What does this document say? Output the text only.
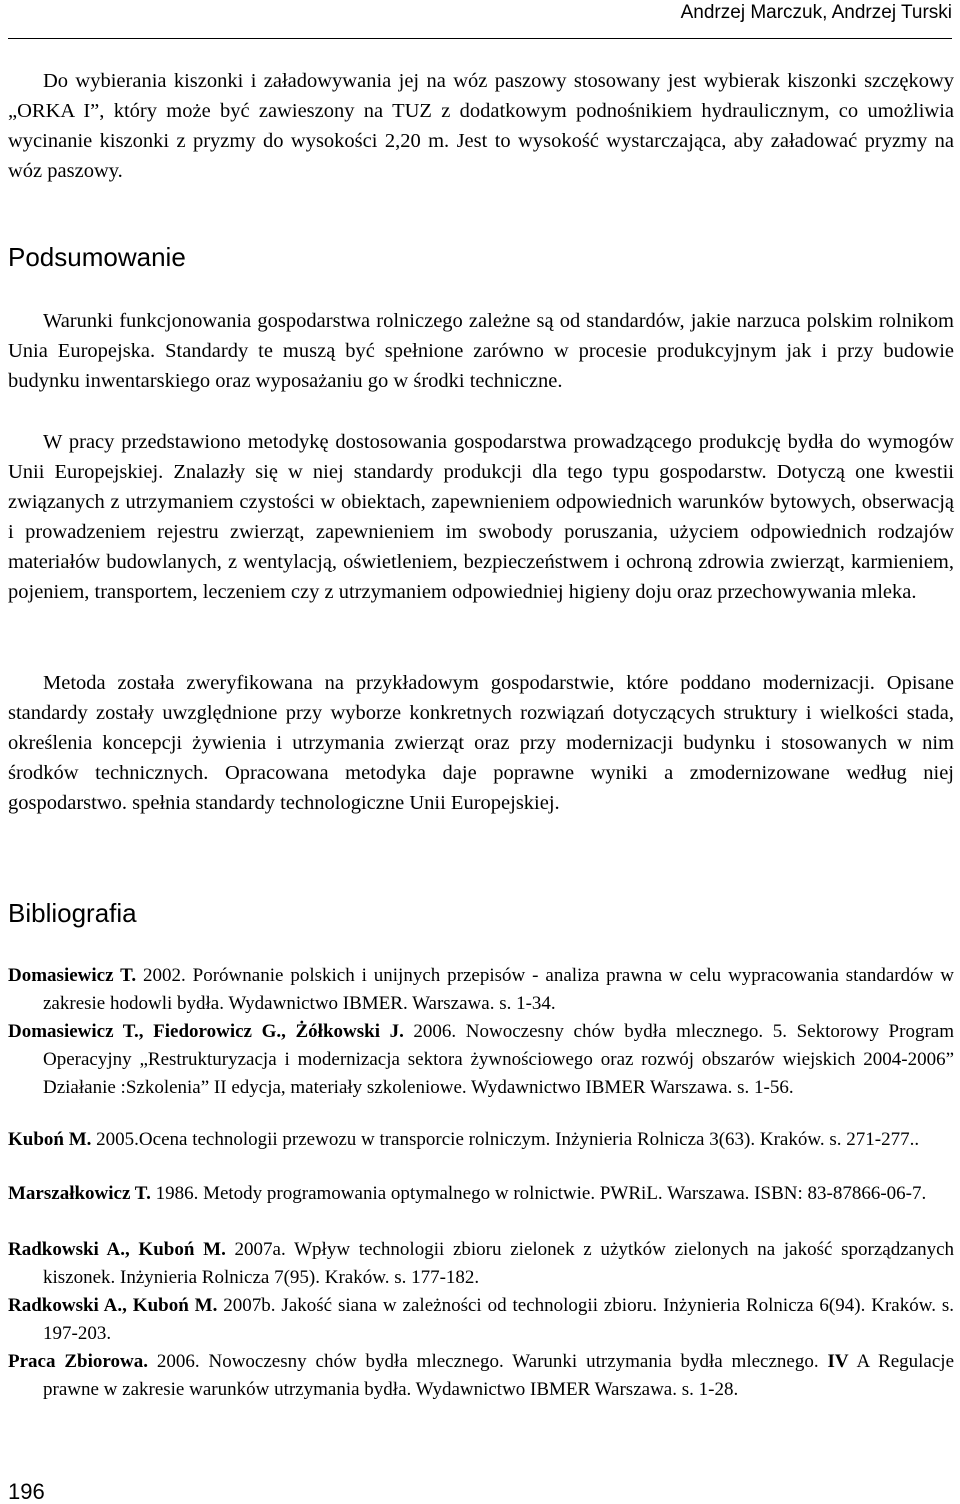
Andrzej Marczuk, Andrzej Turski

Do wybierania kiszonki i załadowywania jej na wóz paszowy stosowany jest wybierak kiszonki szczękowy „ORKA I”, który może być zawieszony na TUZ z dodatkowym podnośnikiem hydraulicznym, co umożliwia wycinanie kiszonki z pryzmy do wysokości 2,20 m. Jest to wysokość wystarczająca, aby załadować pryzmy na wóz paszowy.

Podsumowanie

Warunki funkcjonowania gospodarstwa rolniczego zależne są od standardów, jakie narzuca polskim rolnikom Unia Europejska. Standardy te muszą być spełnione zarówno w procesie produkcyjnym jak i przy budowie budynku inwentarskiego oraz wyposażaniu go w środki techniczne.

W pracy przedstawiono metodykę dostosowania gospodarstwa prowadzącego produkcję bydła do wymogów Unii Europejskiej. Znalazły się w niej standardy produkcji dla tego typu gospodarstw. Dotyczą one kwestii związanych z utrzymaniem czystości w obiektach, zapewnieniem odpowiednich warunków bytowych, obserwacją i prowadzeniem rejestru zwierząt, zapewnieniem im swobody poruszania, użyciem odpowiednich rodzajów materiałów budowlanych, z wentylacją, oświetleniem, bezpieczeństwem i ochroną zdrowia zwierząt, karmieniem, pojeniem, transportem, leczeniem czy z utrzymaniem odpowiedniej higieny doju oraz przechowywania mleka.

Metoda została zweryfikowana na przykładowym gospodarstwie, które poddano modernizacji. Opisane standardy zostały uwzględnione przy wyborze konkretnych rozwiązań dotyczących struktury i wielkości stada, określenia koncepcji żywienia i utrzymania zwierząt oraz przy modernizacji budynku i stosowanych w nim środków technicznych. Opracowana metodyka daje poprawne wyniki a zmodernizowane według niej gospodarstwo. spełnia standardy technologiczne Unii Europejskiej.

Bibliografia

Domasiewicz T. 2002. Porównanie polskich i unijnych przepisów - analiza prawna w celu wypracowania standardów w zakresie hodowli bydła. Wydawnictwo IBMER. Warszawa. s. 1-34.

Domasiewicz T., Fiedorowicz G., Żółkowski J. 2006. Nowoczesny chów bydła mlecznego. 5. Sektorowy Program Operacyjny „Restrukturyzacja i modernizacja sektora żywnościowego oraz rozwój obszarów wiejskich 2004-2006” Działanie :Szkolenia” II edycja, materiały szkoleniowe. Wydawnictwo IBMER Warszawa. s. 1-56.

Kuboń M. 2005.Ocena technologii przewozu w transporcie rolniczym. Inżynieria Rolnicza 3(63). Kraków. s. 271-277..

Marszałkowicz T. 1986. Metody programowania optymalnego w rolnictwie. PWRiL. Warszawa. ISBN: 83-87866-06-7.

Radkowski A., Kuboń M. 2007a. Wpływ technologii zbioru zielonek z użytków zielonych na jakość sporządzanych kiszonek. Inżynieria Rolnicza 7(95). Kraków. s. 177-182.

Radkowski A., Kuboń M. 2007b. Jakość siana w zależności od technologii zbioru. Inżynieria Rolnicza 6(94). Kraków. s. 197-203.

Praca Zbiorowa. 2006. Nowoczesny chów bydła mlecznego. Warunki utrzymania bydła mlecznego. IV A Regulacje prawne w zakresie warunków utrzymania bydła. Wydawnictwo IBMER Warszawa. s. 1-28.

196
